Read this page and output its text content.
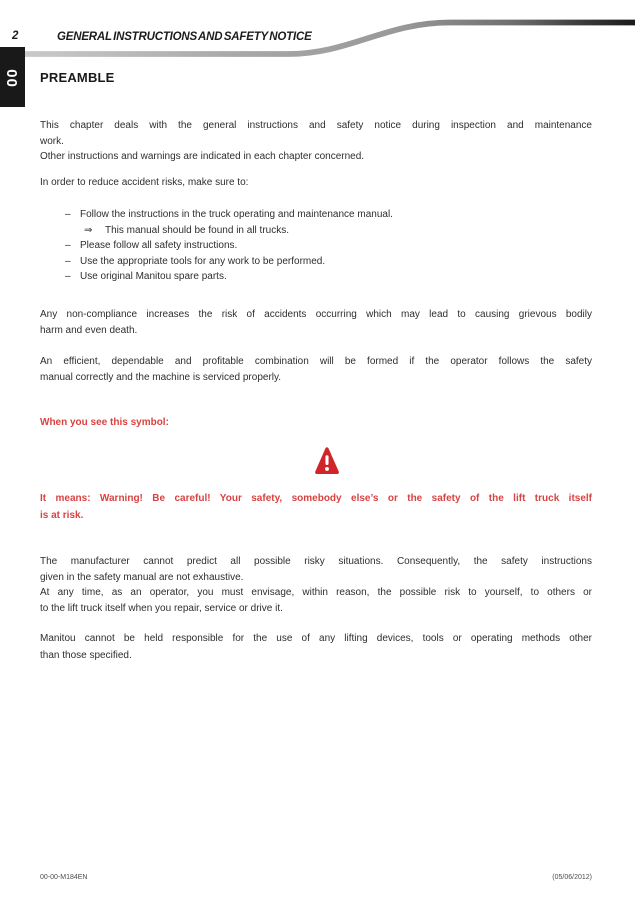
2	GENERAL INSTRUCTIONS AND SAFETY NOTICE
00 PREAMBLE
This chapter deals with the general instructions and safety notice during inspection and maintenance
work.
Other instructions and warnings are indicated in each chapter concerned.
In order to reduce accident risks, make sure to:
– Follow the instructions in the truck operating and maintenance manual.
⇒	This manual should be found in all trucks.
– Please follow all safety instructions.
– Use the appropriate tools for any work to be performed.
– Use original Manitou spare parts.
Any non-compliance increases the risk of accidents occurring which may lead to causing grievous bodily
harm and even death.
An efficient, dependable and profitable combination will be formed if the operator follows the safety
manual correctly and the machine is serviced properly.
When you see this symbol:
It means: Warning! Be careful! Your safety, somebody else’s or the safety of the lift truck itself
is at risk.
The manufacturer cannot predict all possible risky situations. Consequently, the safety instructions
given in the safety manual are not exhaustive.
At any time, as an operator, you must envisage, within reason, the possible risk to yourself, to others or
to the lift truck itself when you repair, service or drive it.
Manitou cannot be held responsible for the use of any lifting devices, tools or operating methods other
than those specified.
00-00-M184EN	(05/06/2012)
